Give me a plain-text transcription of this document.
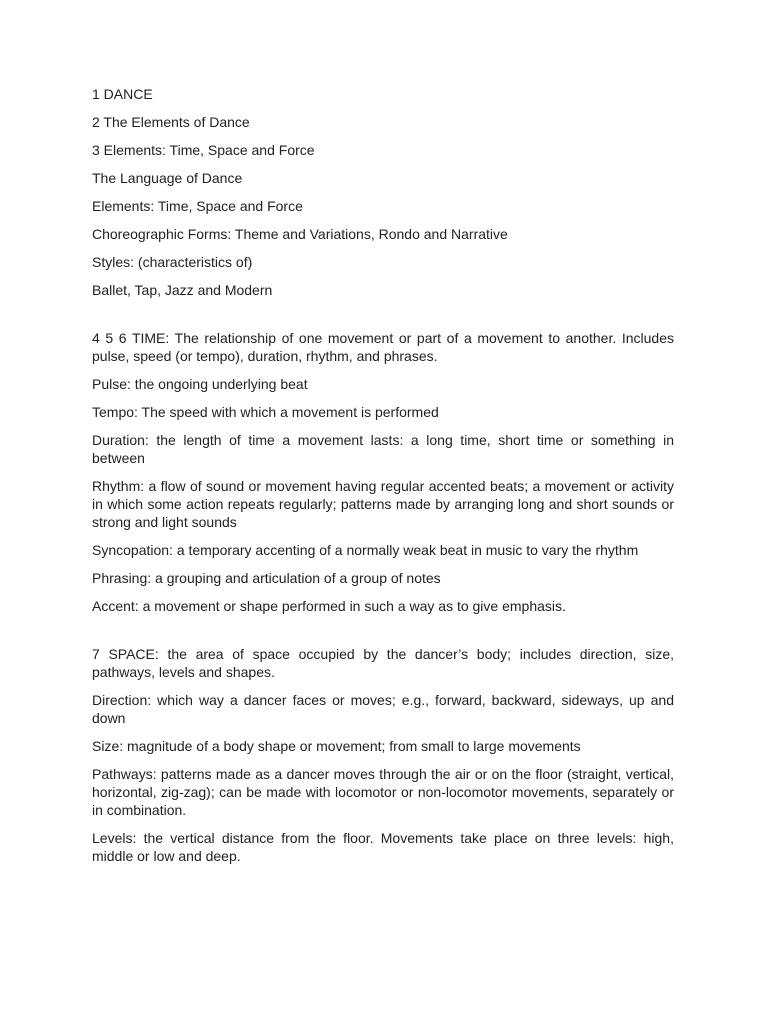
1 DANCE

2 The Elements of Dance

3 Elements: Time, Space and Force

The Language of Dance

Elements: Time, Space and Force

Choreographic Forms: Theme and Variations, Rondo and Narrative

Styles: (characteristics of)

Ballet, Tap, Jazz and Modern

4 5 6 TIME: The relationship of one movement or part of a movement to another. Includes pulse, speed (or tempo), duration, rhythm, and phrases.

Pulse: the ongoing underlying beat

Tempo: The speed with which a movement is performed

Duration: the length of time a movement lasts: a long time, short time or something in between

Rhythm: a flow of sound or movement having regular accented beats; a movement or activity in which some action repeats regularly; patterns made by arranging long and short sounds or strong and light sounds

Syncopation: a temporary accenting of a normally weak beat in music to vary the rhythm

Phrasing: a grouping and articulation of a group of notes

Accent: a movement or shape performed in such a way as to give emphasis.

7 SPACE: the area of space occupied by the dancer’s body; includes direction, size, pathways, levels and shapes.

Direction: which way a dancer faces or moves; e.g., forward, backward, sideways, up and down

Size: magnitude of a body shape or movement; from small to large movements

Pathways: patterns made as a dancer moves through the air or on the floor (straight, vertical, horizontal, zig-zag); can be made with locomotor or non-locomotor movements, separately or in combination.

Levels: the vertical distance from the floor. Movements take place on three levels: high, middle or low and deep.
